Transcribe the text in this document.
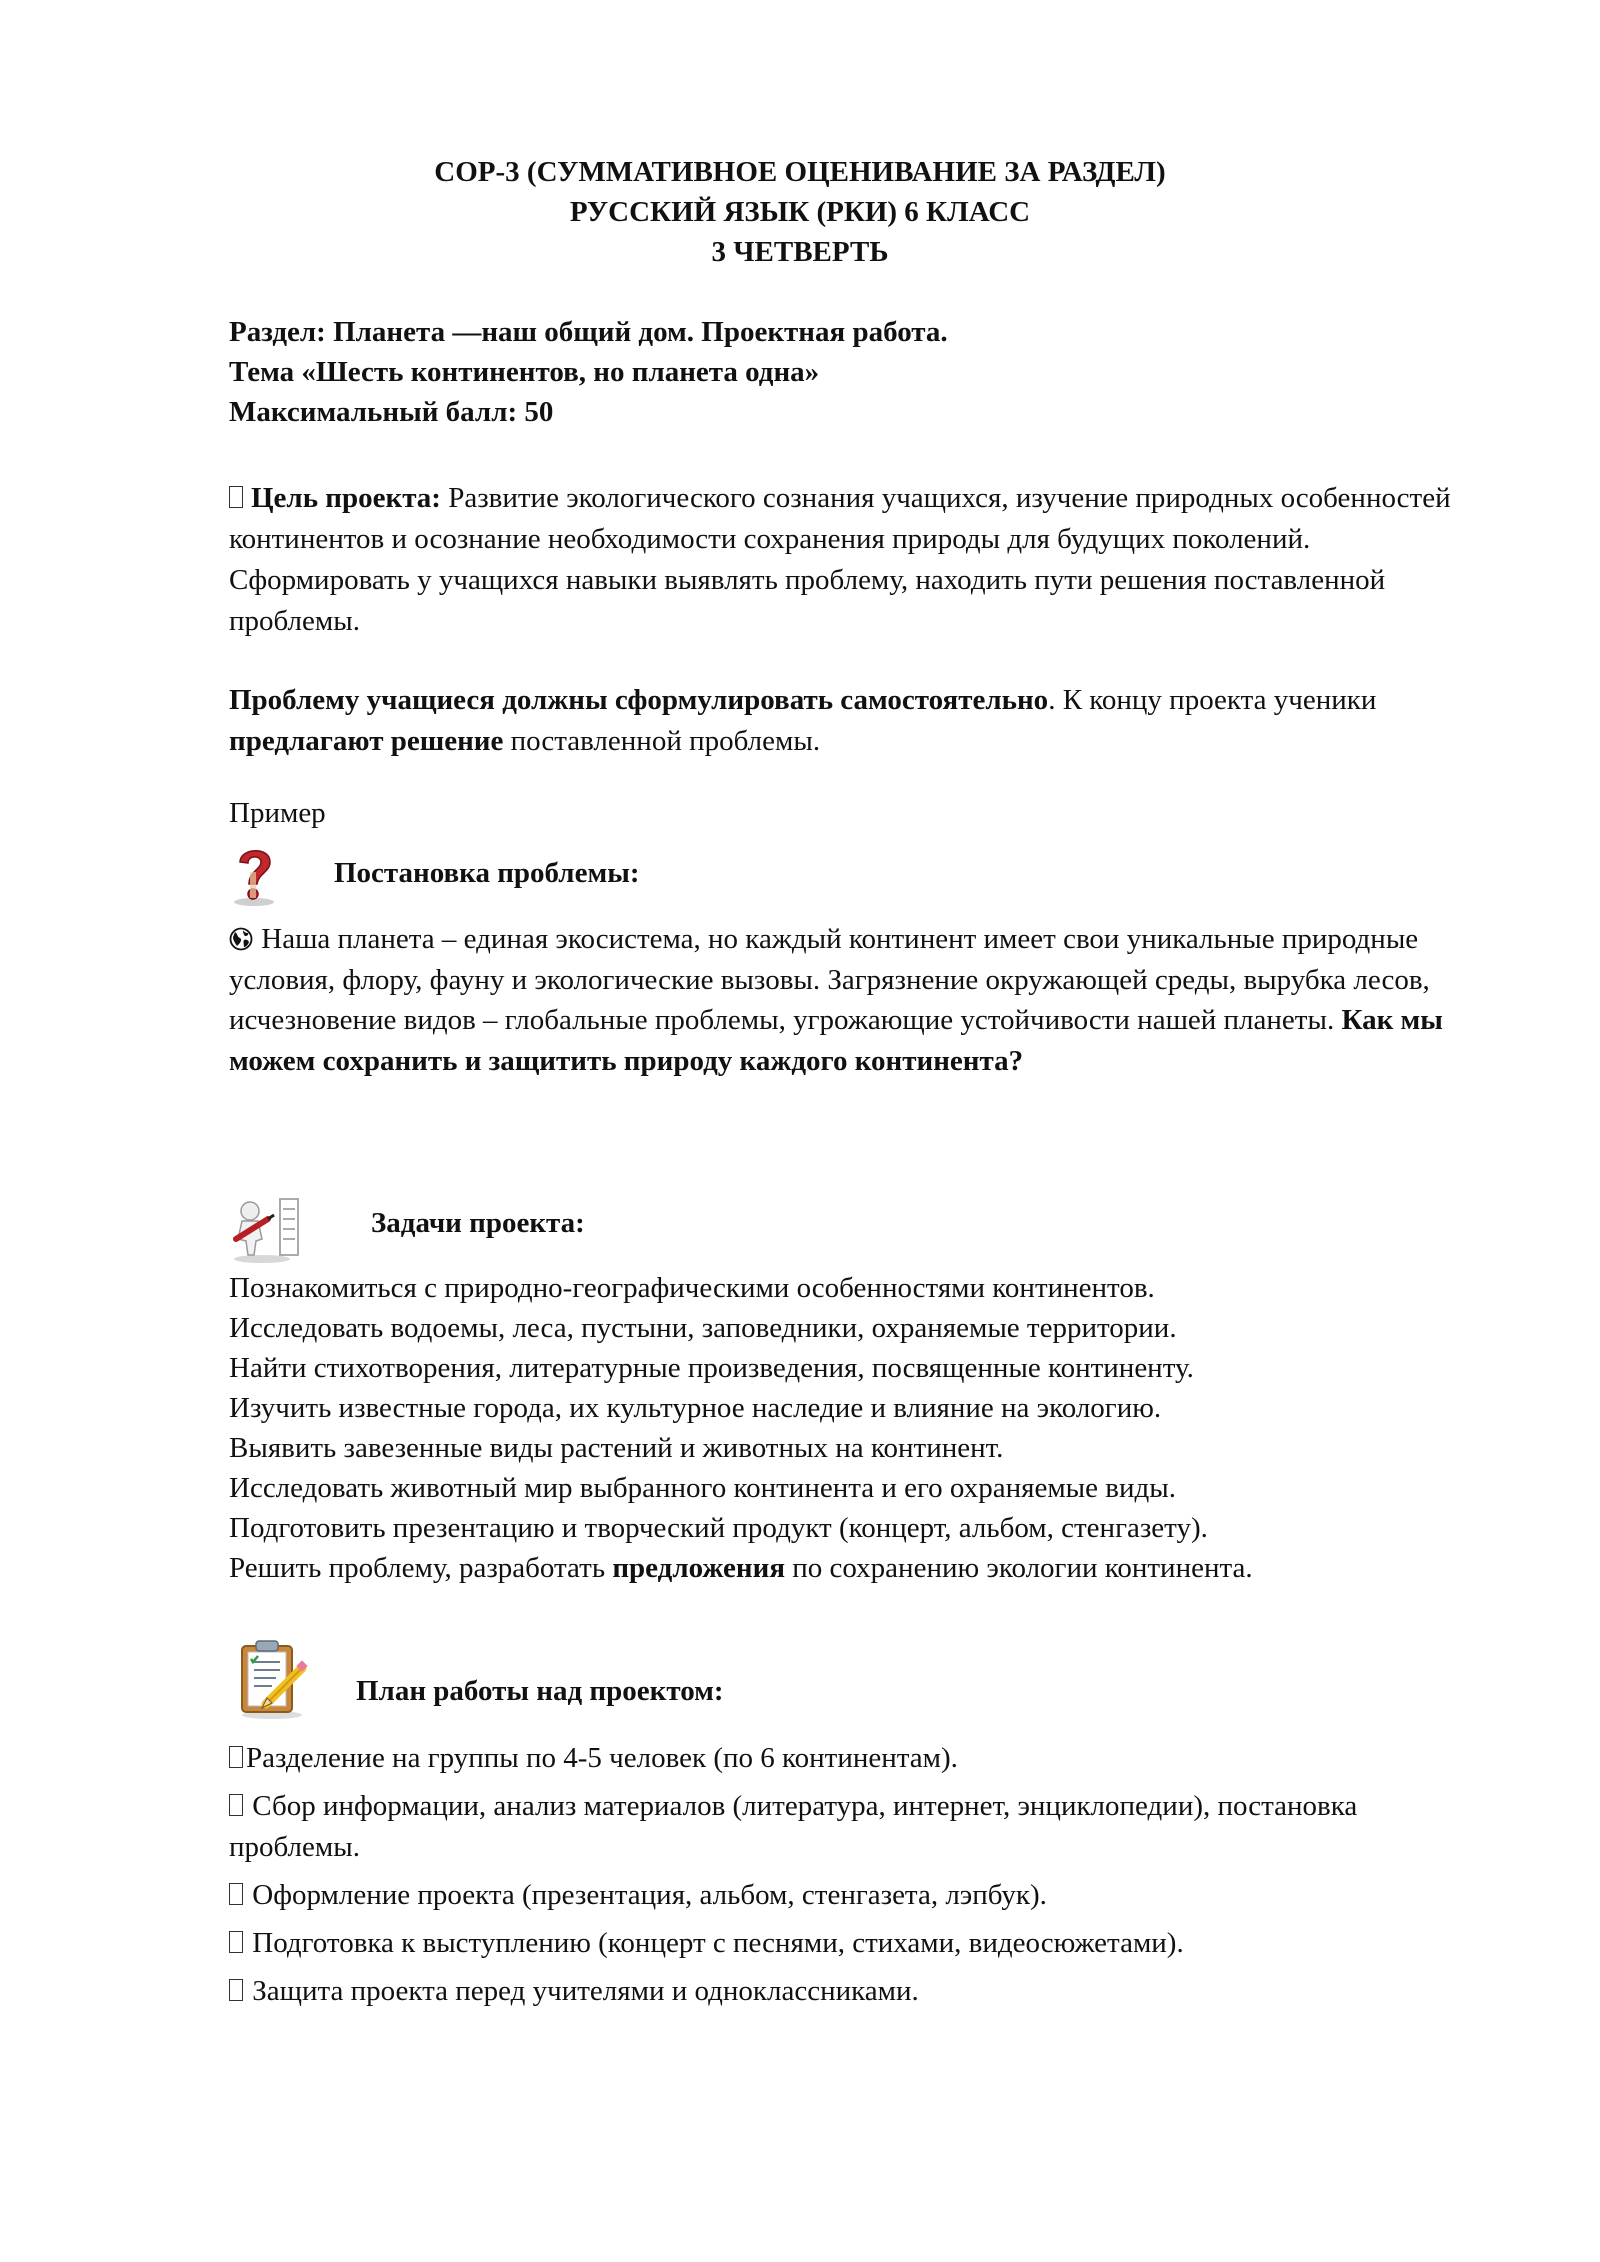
СОР-3 (СУММАТИВНОЕ ОЦЕНИВАНИЕ ЗА РАЗДЕЛ)
РУССКИЙ ЯЗЫК (РКИ) 6 КЛАСС
3 ЧЕТВЕРТЬ
Раздел: Планета —наш общий дом. Проектная работа.
Тема «Шесть континентов, но планета одна»
Максимальный балл: 50
Цель проекта: Развитие экологического сознания учащихся, изучение природных особенностей континентов и осознание необходимости сохранения природы для будущих поколений. Сформировать у учащихся навыки выявлять проблему, находить пути решения поставленной проблемы.
Проблему учащиеся должны сформулировать самостоятельно. К концу проекта ученики предлагают решение поставленной проблемы.
Пример
Постановка проблемы:
Наша планета – единая экосистема, но каждый континент имеет свои уникальные природные условия, флору, фауну и экологические вызовы. Загрязнение окружающей среды, вырубка лесов, исчезновение видов – глобальные проблемы, угрожающие устойчивости нашей планеты. Как мы можем сохранить и защитить природу каждого континента?
Задачи проекта:
Познакомиться с природно-географическими особенностями континентов.
Исследовать водоемы, леса, пустыни, заповедники, охраняемые территории.
Найти стихотворения, литературные произведения, посвященные континенту.
Изучить известные города, их культурное наследие и влияние на экологию.
Выявить завезенные виды растений и животных на континент.
Исследовать животный мир выбранного континента и его охраняемые виды.
Подготовить презентацию и творческий продукт (концерт, альбом, стенгазету).
Решить проблему, разработать предложения по сохранению экологии континента.
План работы над проектом:
Разделение на группы по 4-5 человек (по 6 континентам).
Сбор информации, анализ материалов (литература, интернет, энциклопедии), постановка проблемы.
Оформление проекта (презентация, альбом, стенгазета, лэпбук).
Подготовка к выступлению (концерт с песнями, стихами, видеосюжетами).
Защита проекта перед учителями и одноклассниками.
